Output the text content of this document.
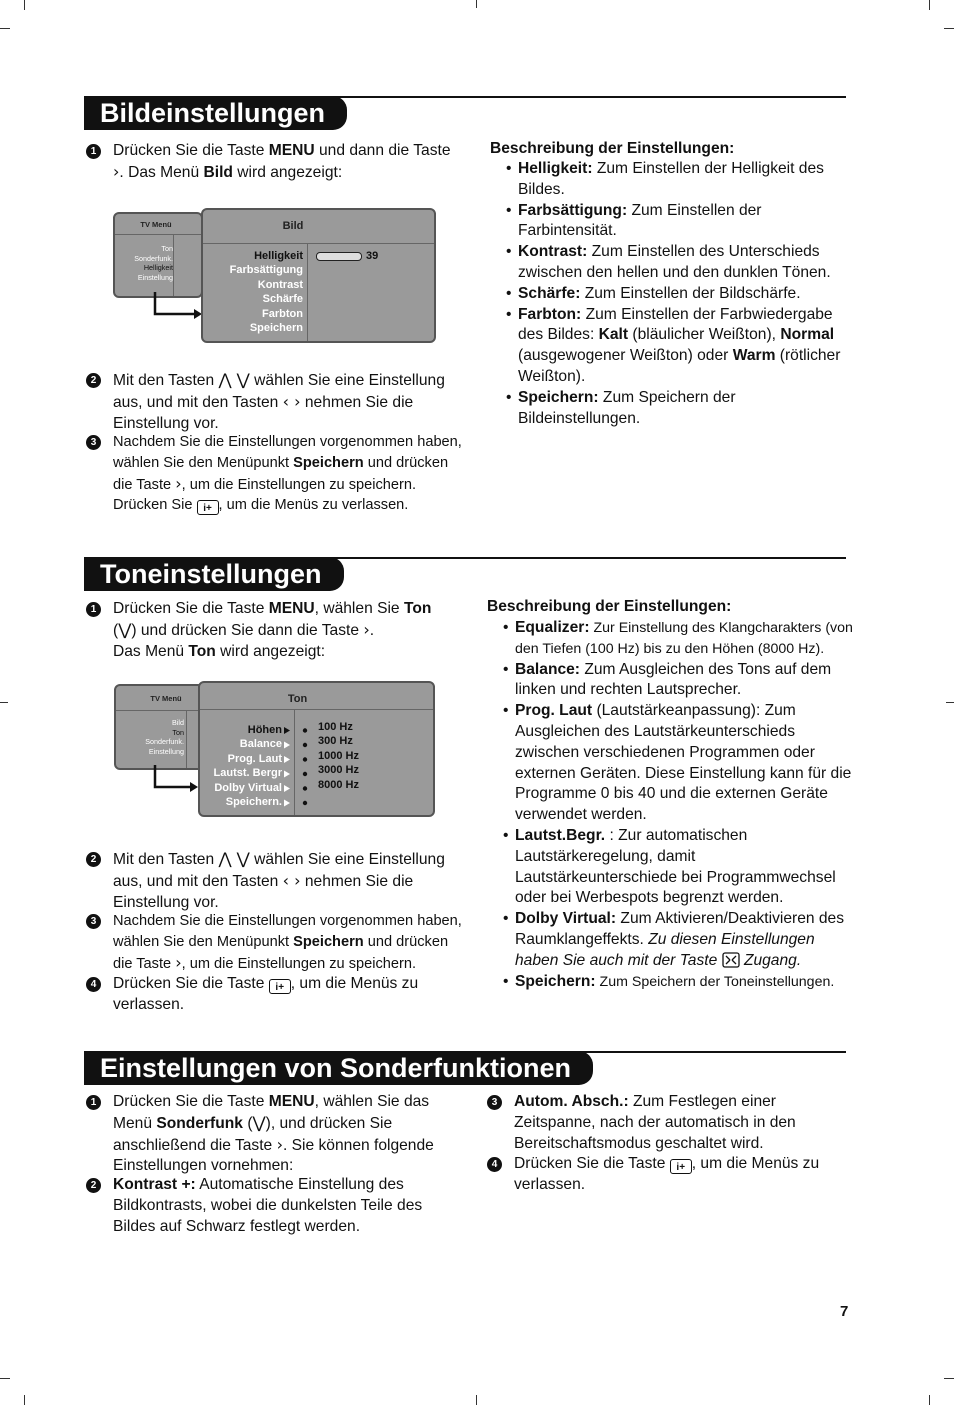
Bildeinstellungen
1	Drücken Sie die Taste MENU und dann die Taste
›. Das Menü Bild wird angezeigt:
TV Menü
Ton
Sonderfunk.
Helligkeit
Einstellung
Bild
Helligkeit
Farbsättigung
Kontrast
Schärfe
Farbton
Speichern
39
2	Mit den Tasten ⋀ ⋁ wählen Sie eine Einstellung aus, und mit den Tasten ‹ › nehmen Sie die Einstellung vor.
3	Nachdem Sie die Einstellungen vorgenommen haben, wählen Sie den Menüpunkt Speichern und drücken die Taste ›, um die Einstellungen zu speichern. Drücken Sie i+ , um die Menüs zu verlassen.
Beschreibung der Einstellungen:
• Helligkeit: Zum Einstellen der Helligkeit des Bildes.
• Farbsättigung: Zum Einstellen der Farbintensität.
• Kontrast: Zum Einstellen des Unterschieds zwischen den hellen und den dunklen Tönen.
• Schärfe: Zum Einstellen der Bildschärfe.
• Farbton: Zum Einstellen der Farbwiedergabe des Bildes: Kalt (bläulicher Weißton), Normal (ausgewogener Weißton) oder Warm (rötlicher Weißton).
• Speichern: Zum Speichern der Bildeinstellungen.
Toneinstellungen
1	Drücken Sie die Taste MENU, wählen Sie Ton
(⋁) und drücken Sie dann die Taste ›.
Das Menü Ton wird angezeigt:
TV Menü
Bild
Ton
Sonderfunk.
Einstellung
Ton
Höhen
Balance
Prog. Laut
Lautst. Bergr
Dolby Virtual
Speichern.
100 Hz
300 Hz
1000 Hz
3000 Hz
8000 Hz
2	Mit den Tasten ⋀ ⋁ wählen Sie eine Einstellung aus, und mit den Tasten ‹ › nehmen Sie die Einstellung vor.
3	Nachdem Sie die Einstellungen vorgenommen haben, wählen Sie den Menüpunkt Speichern und drücken die Taste ›, um die Einstellungen zu speichern.
4	Drücken Sie die Taste i+ , um die Menüs zu verlassen.
Beschreibung der Einstellungen:
• Equalizer: Zur Einstellung des Klangcharakters (von den Tiefen (100 Hz) bis zu den Höhen (8000 Hz).
• Balance: Zum Ausgleichen des Tons auf dem linken und rechten Lautsprecher.
• Prog. Laut (Lautstärkeanpassung): Zum Ausgleichen des Lautstärkeunterschieds zwischen verschiedenen Programmen oder externen Geräten. Diese Einstellung kann für die Programme 0 bis 40 und die externen Geräte verwendet werden.
• Lautst.Begr. : Zur automatischen Lautstärkeregelung, damit Lautstärkeunterschiede bei Programmwechsel oder bei Werbespots begrenzt werden.
• Dolby Virtual: Zum Aktivieren/Deaktivieren des Raumklangeffekts. Zu diesen Einstellungen haben Sie auch mit der Taste  Zugang.
• Speichern: Zum Speichern der Toneinstellungen.
Einstellungen von Sonderfunktionen
1	Drücken Sie die Taste MENU, wählen Sie das Menü Sonderfunk (⋁), und drücken Sie anschließend die Taste ›. Sie können folgende Einstellungen vornehmen:
2	Kontrast +: Automatische Einstellung des Bildkontrasts, wobei die dunkelsten Teile des Bildes auf Schwarz festlegt werden.
3	Autom. Absch.: Zum Festlegen einer Zeitspanne, nach der automatisch in den Bereitschaftsmodus geschaltet wird.
4	Drücken Sie die Taste i+ , um die Menüs zu verlassen.
7
